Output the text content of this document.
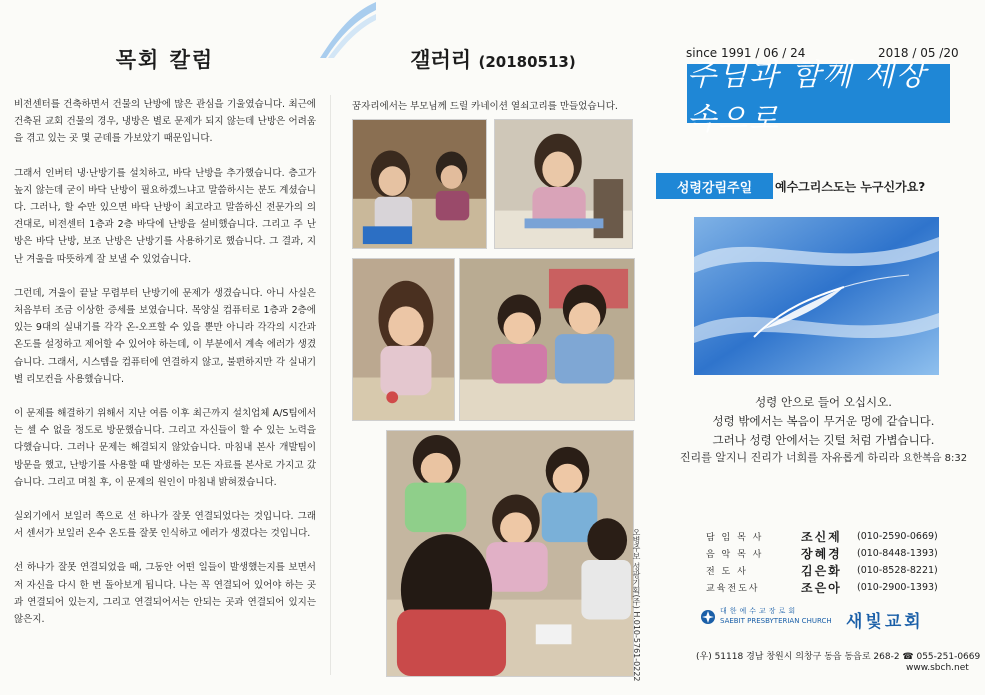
목회 칼럼

비전센터를 건축하면서 건물의 난방에 많은 관심을 기울였습니다. 최근에 건축된 교회 건물의 경우, 냉방은 별로 문제가 되지 않는데 난방은 어려움을 겪고 있는 곳 몇 군데를 가보았기 때문입니다.

그래서 인버터 냉·난방기를 설치하고, 바닥 난방을 추가했습니다. 층고가 높지 않는데 굳이 바닥 난방이 필요하겠느냐고 말씀하시는 분도 계셨습니다. 그러나, 할 수만 있으면 바닥 난방이 최고라고 말씀하신 전문가의 의견대로, 비전센터 1층과 2층 바닥에 난방을 설비했습니다. 그리고 주 난방은 바닥 난방, 보조 난방은 난방기를 사용하기로 했습니다. 그 결과, 지난 겨울을 따뜻하게 잘 보낼 수 있었습니다.

그런데, 겨울이 끝날 무렵부터 난방기에 문제가 생겼습니다. 아니 사실은 처음부터 조금 이상한 증세를 보였습니다. 목양실 컴퓨터로 1층과 2층에 있는 9대의 실내기를 각각 온-오프할 수 있을 뿐만 아니라 각각의 시간과 온도를 설정하고 제어할 수 있어야 하는데, 이 부분에서 계속 에러가 생겼습니다. 그래서, 시스템을 컴퓨터에 연결하지 않고, 불편하지만 각 실내기별 리모컨을 사용했습니다.

이 문제를 해결하기 위해서 지난 여름 이후 최근까지 설치업체 A/S팀에서는 셀 수 없을 정도로 방문했습니다. 그리고 자신들이 할 수 있는 노력을 다했습니다. 그러나 문제는 해결되지 않았습니다. 마침내 본사 개발팀이 방문을 했고, 난방기를 사용할 때 발생하는 모든 자료를 본사로 가지고 갔습니다. 그리고 며칠 후, 이 문제의 원인이 마침내 밝혀졌습니다.

실외기에서 보일러 쪽으로 선 하나가 잘못 연결되었다는 것입니다. 그래서 센서가 보일러 온수 온도를 잘못 인식하고 에러가 생겼다는 것입니다.

선 하나가 잘못 연결되었을 때, 그동안 어떤 일들이 발생했는지를 보면서 저 자신을 다시 한 번 돌아보게 됩니다. 나는 꼭 연결되어 있어야 하는 곳과 연결되어 있는지, 그리고 연결되어서는 안되는 곳과 연결되어 있지는 않은지.

갤러리 (20180513)
꿈자리에서는 부모님께 드릴 카네이션 열쇠고리를 만들었습니다.
오병주보 성광기획(주) H.010-5761-0222
since 1991 / 06 / 24	2018 / 05 /20
주님과 함께 세상 속으로
성령강림주일	예수그리스도는 누구신가요?
성령 안으로 들어 오십시오.
성령 밖에서는 복음이 무거운 멍에 같습니다.
그러나 성령 안에서는 깃털 처럼 가볍습니다.
진리를 알지니 진리가 너희를 자유롭게 하리라 요한복음 8:32
담 임 목 사	조신제	(010-2590-0669)
음 악 목 사	장혜경	(010-8448-1393)
전 도 사	김은화	(010-8528-8221)
교육전도사	조은아	(010-2900-1393)
대한예수교장로회
SAEBIT PRESBYTERIAN CHURCH 새빛교회
(우) 51118 경남 창원시 의창구 동읍 동읍로 268-2 ☎ 055-251-0669
www.sbch.net
